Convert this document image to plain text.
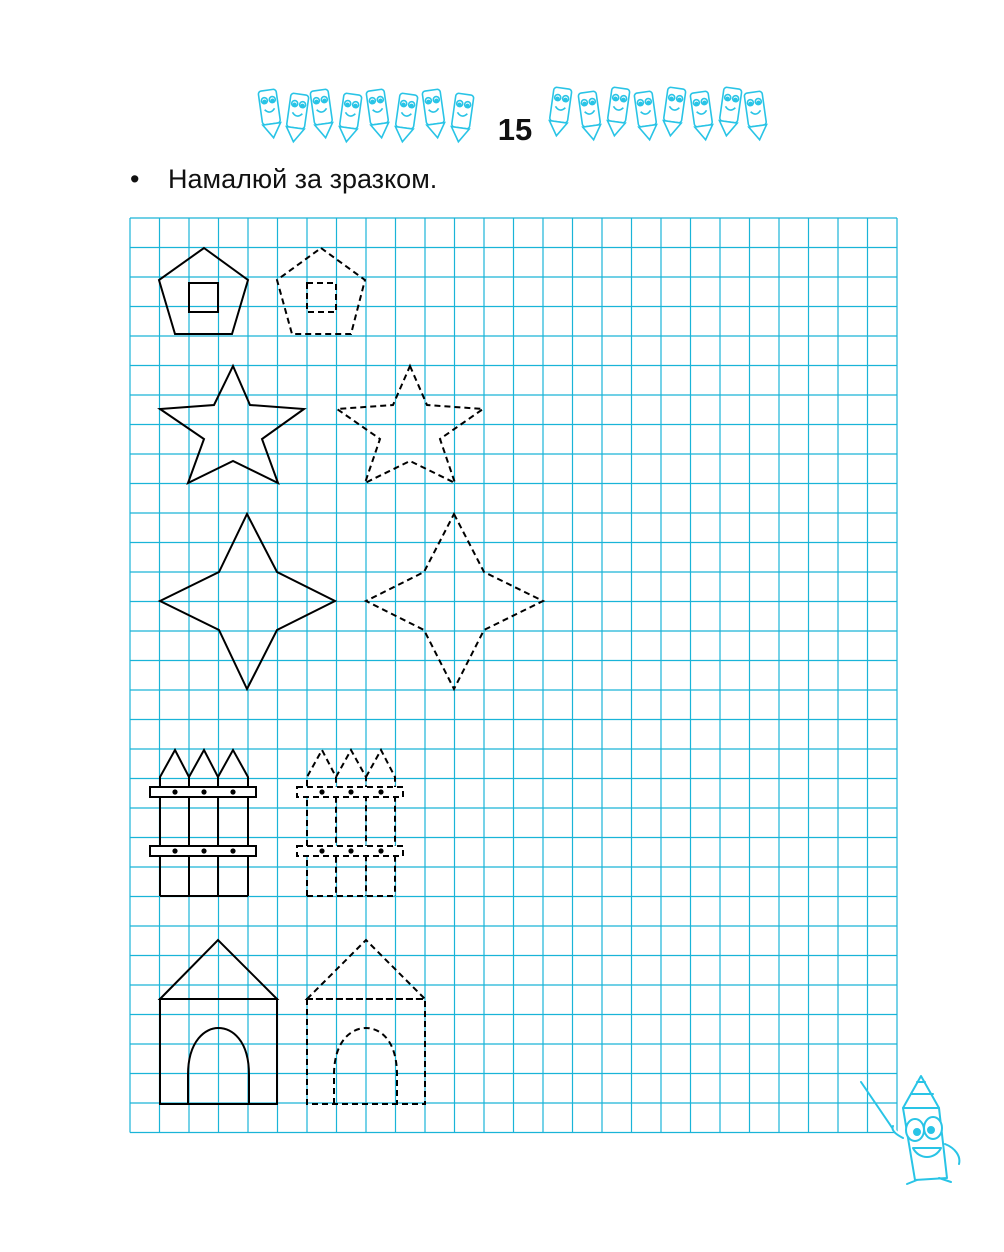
15
• Намалюй за зразком.
